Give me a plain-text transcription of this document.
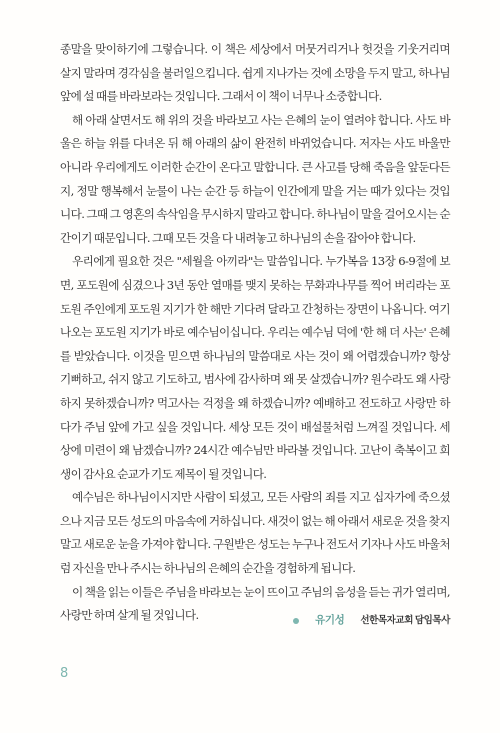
종말을 맞이하기에 그렇습니다. 이 책은 세상에서 머뭇거리거나 헛것을 기웃거리며 살지 말라며 경각심을 불러일으킵니다. 쉽게 지나가는 것에 소망을 두지 말고, 하나님 앞에 설 때를 바라보라는 것입니다. 그래서 이 책이 너무나 소중합니다.

해 아래 살면서도 해 위의 것을 바라보고 사는 은혜의 눈이 열려야 합니다. 사도 바울은 하늘 위를 다녀온 뒤 해 아래의 삶이 완전히 바뀌었습니다. 저자는 사도 바울만 아니라 우리에게도 이러한 순간이 온다고 말합니다. 큰 사고를 당해 죽음을 앞둔다든지, 정말 행복해서 눈물이 나는 순간 등 하늘이 인간에게 말을 거는 때가 있다는 것입니다. 그때 그 영혼의 속삭임을 무시하지 말라고 합니다. 하나님이 말을 걸어오시는 순간이기 때문입니다. 그때 모든 것을 다 내려놓고 하나님의 손을 잡아야 합니다.

우리에게 필요한 것은 "세월을 아끼라"는 말씀입니다. 누가복음 13장 6-9절에 보면, 포도원에 심겼으나 3년 동안 열매를 맺지 못하는 무화과나무를 찍어 버리라는 포도원 주인에게 포도원 지기가 한 해만 기다려 달라고 간청하는 장면이 나옵니다. 여기 나오는 포도원 지기가 바로 예수님이십니다. 우리는 예수님 덕에 '한 해 더 사는' 은혜를 받았습니다. 이것을 믿으면 하나님의 말씀대로 사는 것이 왜 어렵겠습니까? 항상 기뻐하고, 쉬지 않고 기도하고, 범사에 감사하며 왜 못 살겠습니까? 원수라도 왜 사랑하지 못하겠습니까? 먹고사는 걱정을 왜 하겠습니까? 예배하고 전도하고 사랑만 하다가 주님 앞에 가고 싶을 것입니다. 세상 모든 것이 배설물처럼 느껴질 것입니다. 세상에 미련이 왜 남겠습니까? 24시간 예수님만 바라볼 것입니다. 고난이 축복이고 희생이 감사요 순교가 기도 제목이 될 것입니다.

예수님은 하나님이시지만 사람이 되셨고, 모든 사람의 죄를 지고 십자가에 죽으셨으나 지금 모든 성도의 마음속에 거하십니다. 새것이 없는 해 아래서 새로운 것을 찾지 말고 새로운 눈을 가져야 합니다. 구원받은 성도는 누구나 전도서 기자나 사도 바울처럼 자신을 만나 주시는 하나님의 은혜의 순간을 경험하게 됩니다.

이 책을 읽는 이들은 주님을 바라보는 눈이 뜨이고 주님의 음성을 듣는 귀가 열리며, 사랑만 하며 살게 될 것입니다.	유기성	선한목자교회 담임목사
8
